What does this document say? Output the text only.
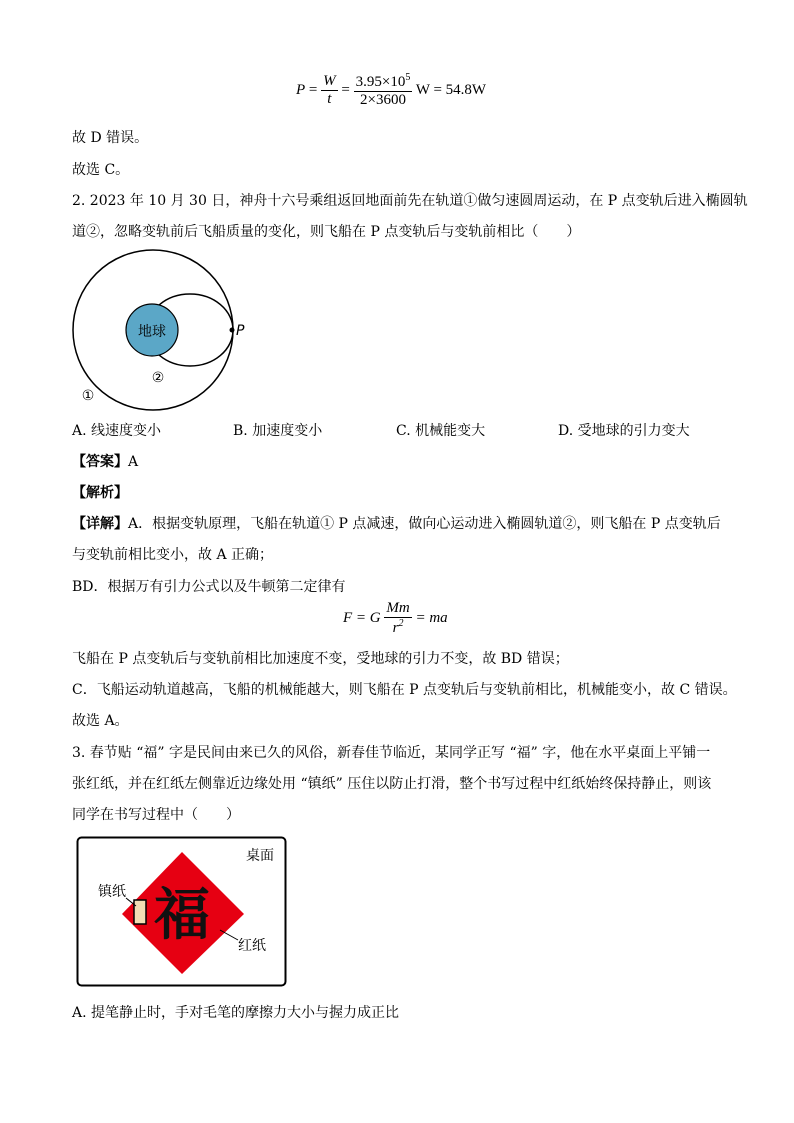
$P = \frac{W}{t} = \frac{3.95\times 10^5}{2\times 3600}$ W = 54.8W
故 D 错误。
故选 C。
2. 2023 年 10 月 30 日，神舟十六号乘组返回地面前先在轨道①做匀速圆周运动，在 P 点变轨后进入椭圆轨
道②，忽略变轨前后飞船质量的变化，则飞船在 P 点变轨后与变轨前相比（　　）
地球	P
②
①
A. 线速度变小	B. 加速度变小	C. 机械能变大	D. 受地球的引力变大
【答案】A
【解析】
【详解】A．根据变轨原理，飞船在轨道① P 点减速，做向心运动进入椭圆轨道②，则飞船在 P 点变轨后
与变轨前相比变小，故 A 正确；
BD．根据万有引力公式以及牛顿第二定律有
F = G $\frac{Mm}{r^2}$ = ma
飞船在 P 点变轨后与变轨前相比加速度不变，受地球的引力不变，故 BD 错误；
C．飞船运动轨道越高，飞船的机械能越大，则飞船在 P 点变轨后与变轨前相比，机械能变小，故 C 错误。
故选 A。
3. 春节贴 “福” 字是民间由来已久的风俗，新春佳节临近，某同学正写 “福” 字，他在水平桌面上平铺一
张红纸，并在红纸左侧靠近边缘处用 “镇纸” 压住以防止打滑，整个书写过程中红纸始终保持静止，则该
同学在书写过程中（　　）
桌面
福
镇纸
红纸
A. 提笔静止时，手对毛笔的摩擦力大小与握力成正比
